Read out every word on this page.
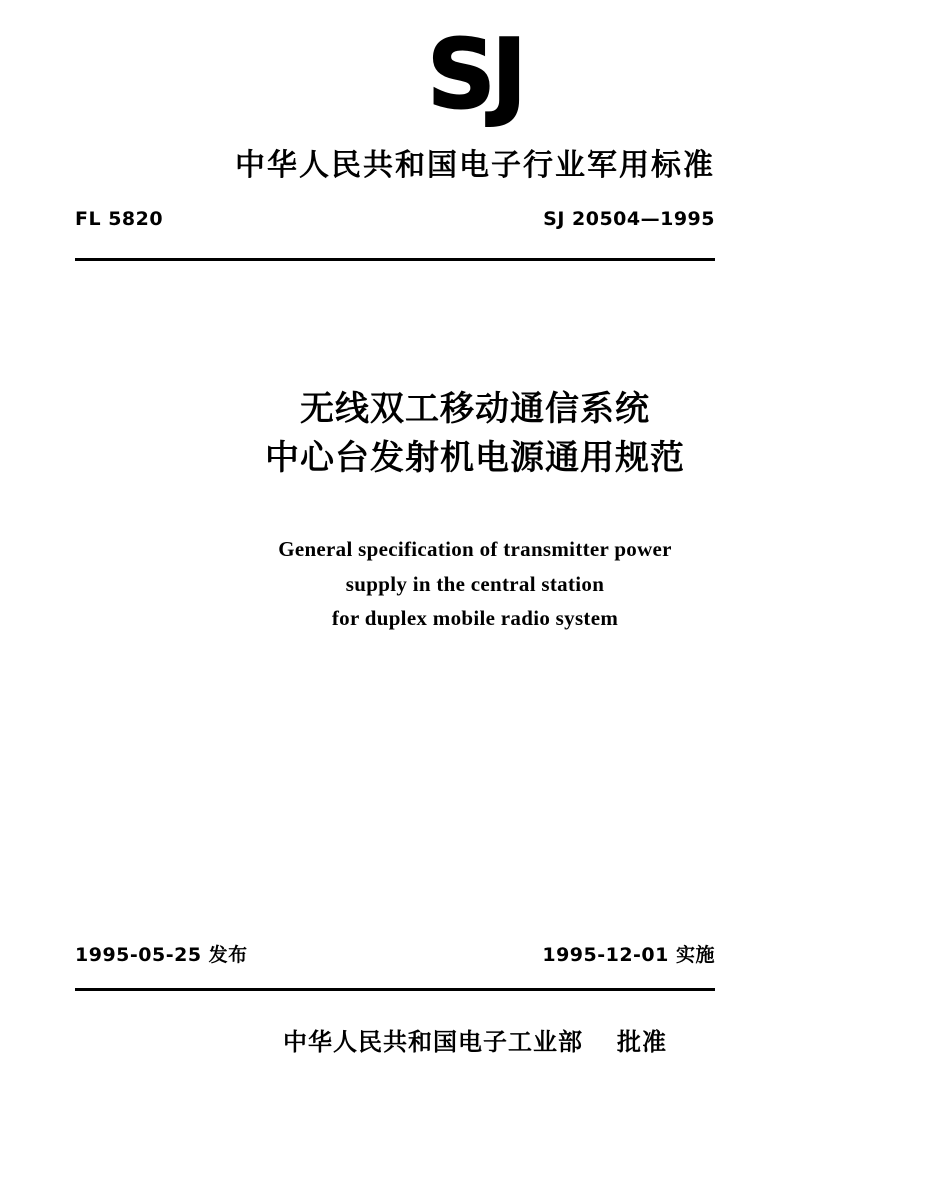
SJ
中华人民共和国电子行业军用标准
FL 5820	SJ 20504—1995
无线双工移动通信系统
中心台发射机电源通用规范
General specification of transmitter power
supply in the central station
for duplex mobile radio system
1995-05-25 发布	1995-12-01 实施
中华人民共和国电子工业部 批准
